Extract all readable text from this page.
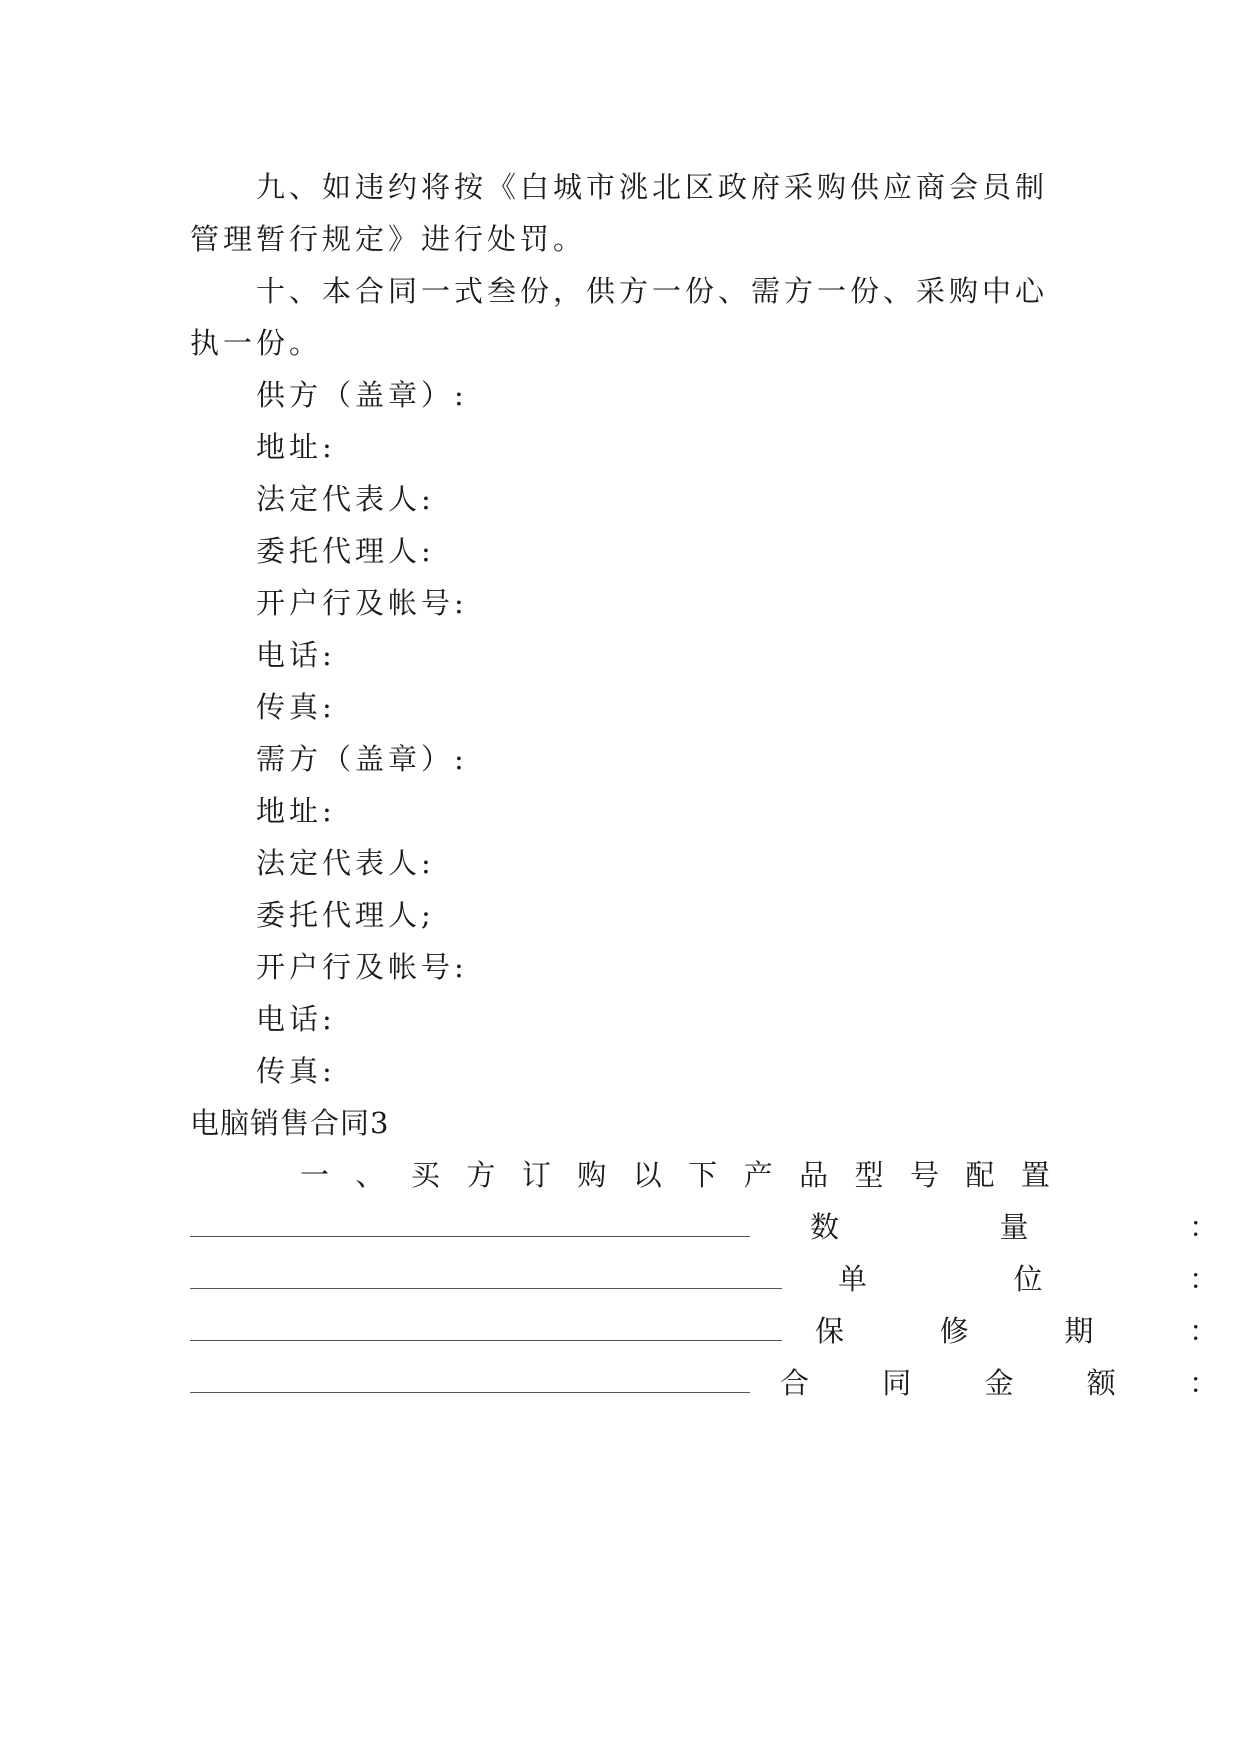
九、如违约将按《白城市洮北区政府采购供应商会员制
管理暂行规定》进行处罚。
十、本合同一式叁份，供方一份、需方一份、采购中心
执一份。
供方（盖章）:
地址:
法定代表人:
委托代理人:
开户行及帐号:
电话:
传真:
需方（盖章）:
地址:
法定代表人:
委托代理人;
开户行及帐号:
电话:
传真:
电脑销售合同3
一 、 买 方 订 购 以 下 产 品 型 号 配 置
数	量	：
单	位	：
保	修	期	：
合	同	金	额	：
